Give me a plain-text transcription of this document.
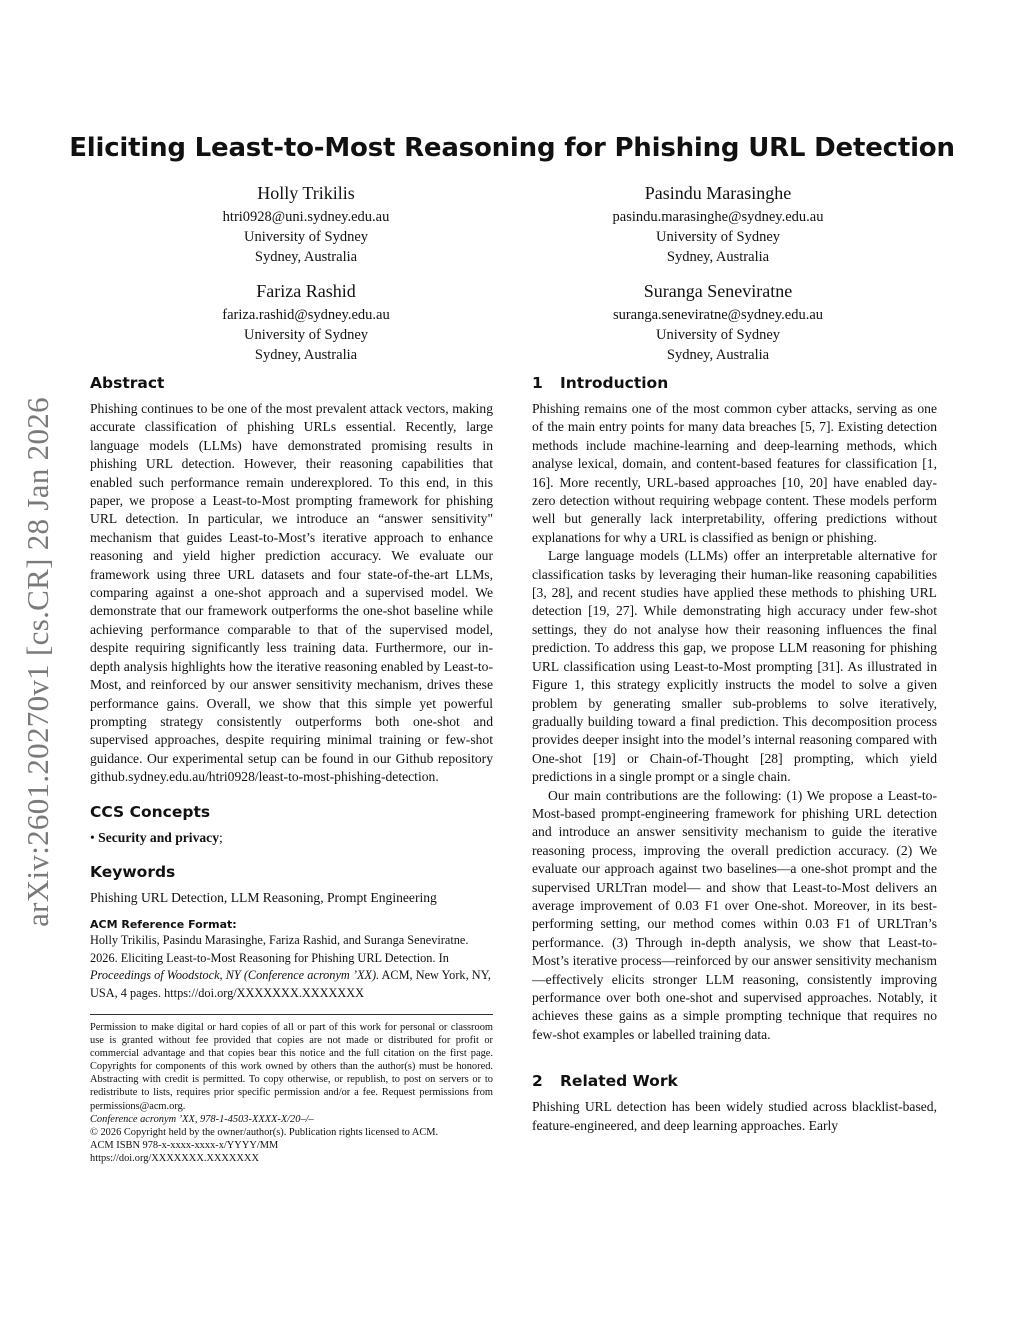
arXiv:2601.20270v1 [cs.CR] 28 Jan 2026
Eliciting Least-to-Most Reasoning for Phishing URL Detection
Holly Trikilis
htri0928@uni.sydney.edu.au
University of Sydney
Sydney, Australia
Pasindu Marasinghe
pasindu.marasinghe@sydney.edu.au
University of Sydney
Sydney, Australia
Fariza Rashid
fariza.rashid@sydney.edu.au
University of Sydney
Sydney, Australia
Suranga Seneviratne
suranga.seneviratne@sydney.edu.au
University of Sydney
Sydney, Australia
Abstract

Phishing continues to be one of the most prevalent attack vectors, making accurate classification of phishing URLs essential. Recently, large language models (LLMs) have demonstrated promising results in phishing URL detection. However, their reasoning capabilities that enabled such performance remain underexplored. To this end, in this paper, we propose a Least-to-Most prompting framework for phishing URL detection. In particular, we introduce an “answer sensitivity" mechanism that guides Least-to-Most’s iterative approach to enhance reasoning and yield higher prediction accuracy. We evaluate our framework using three URL datasets and four state-of-the-art LLMs, comparing against a one-shot approach and a supervised model. We demonstrate that our framework outperforms the one-shot baseline while achieving performance comparable to that of the supervised model, despite requiring significantly less training data. Furthermore, our in-depth analysis highlights how the iterative reasoning enabled by Least-to-Most, and reinforced by our answer sensitivity mechanism, drives these performance gains. Overall, we show that this simple yet powerful prompting strategy consistently outperforms both one-shot and supervised approaches, despite requiring minimal training or few-shot guidance. Our experimental setup can be found in our Github repository github.sydney.edu.au/htri0928/least-to-most-phishing-detection.

CCS Concepts

• Security and privacy;

Keywords

Phishing URL Detection, LLM Reasoning, Prompt Engineering

ACM Reference Format:

Holly Trikilis, Pasindu Marasinghe, Fariza Rashid, and Suranga Seneviratne. 2026. Eliciting Least-to-Most Reasoning for Phishing URL Detection. In Proceedings of Woodstock, NY (Conference acronym ’XX). ACM, New York, NY, USA, 4 pages. https://doi.org/XXXXXXX.XXXXXXX

Permission to make digital or hard copies of all or part of this work for personal or classroom use is granted without fee provided that copies are not made or distributed for profit or commercial advantage and that copies bear this notice and the full citation on the first page. Copyrights for components of this work owned by others than the author(s) must be honored. Abstracting with credit is permitted. To copy otherwise, or republish, to post on servers or to redistribute to lists, requires prior specific permission and/or a fee. Request permissions from permissions@acm.org.

Conference acronym ’XX, 978-1-4503-XXXX-X/20–/–
© 2026 Copyright held by the owner/author(s). Publication rights licensed to ACM.
ACM ISBN 978-x-xxxx-xxxx-x/YYYY/MM
https://doi.org/XXXXXXX.XXXXXXX
1 Introduction

Phishing remains one of the most common cyber attacks, serving as one of the main entry points for many data breaches [5, 7]. Existing detection methods include machine-learning and deep-learning methods, which analyse lexical, domain, and content-based features for classification [1, 16]. More recently, URL-based approaches [10, 20] have enabled day-zero detection without requiring webpage content. These models perform well but generally lack interpretability, offering predictions without explanations for why a URL is classified as benign or phishing.

Large language models (LLMs) offer an interpretable alternative for classification tasks by leveraging their human-like reasoning capabilities [3, 28], and recent studies have applied these methods to phishing URL detection [19, 27]. While demonstrating high accuracy under few-shot settings, they do not analyse how their reasoning influences the final prediction. To address this gap, we propose LLM reasoning for phishing URL classification using Least-to-Most prompting [31]. As illustrated in Figure 1, this strategy explicitly instructs the model to solve a given problem by generating smaller sub-problems to solve iteratively, gradually building toward a final prediction. This decomposition process provides deeper insight into the model’s internal reasoning compared with One-shot [19] or Chain-of-Thought [28] prompting, which yield predictions in a single prompt or a single chain.

Our main contributions are the following: (1) We propose a Least-to-Most-based prompt-engineering framework for phishing URL detection and introduce an answer sensitivity mechanism to guide the iterative reasoning process, improving the overall prediction accuracy. (2) We evaluate our approach against two baselines—a one-shot prompt and the supervised URLTran model— and show that Least-to-Most delivers an average improvement of 0.03 F1 over One-shot. Moreover, in its best-performing setting, our method comes within 0.03 F1 of URLTran’s performance. (3) Through in-depth analysis, we show that Least-to-Most’s iterative process—reinforced by our answer sensitivity mechanism—effectively elicits stronger LLM reasoning, consistently improving performance over both one-shot and supervised approaches. Notably, it achieves these gains as a simple prompting technique that requires no few-shot examples or labelled training data.

2 Related Work

Phishing URL detection has been widely studied across blacklist-based, feature-engineered, and deep learning approaches. Early
